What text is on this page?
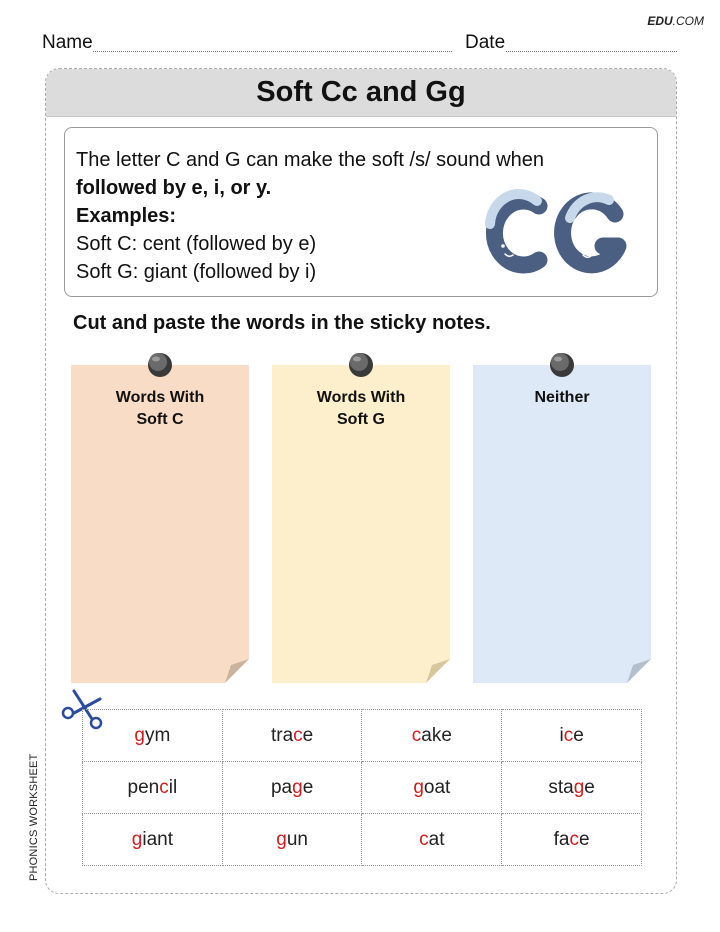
EDU.COM
Name	Date
Soft Cc and Gg
The letter C and G can make the soft /s/ sound when
followed by e, i, or y.
Examples:
Soft C: cent (followed by e)
Soft G: giant (followed by i)
Cut and paste the words in the sticky notes.
Words With
Soft C
Words With
Soft G
Neither
gym	trace	cake	ice
pencil	page	goat	stage
giant	gun	cat	face
PHONICS WORKSHEET
